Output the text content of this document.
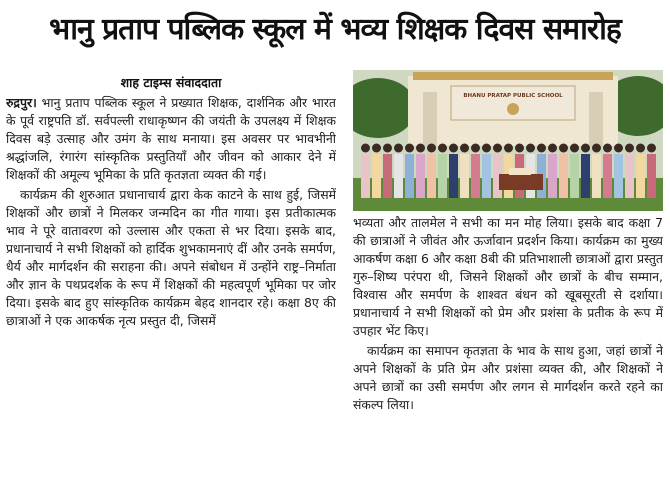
भानु प्रताप पब्लिक स्कूल में भव्य शिक्षक दिवस समारोह
शाह टाइम्स संवाददाता

रुद्रपुर। भानु प्रताप पब्लिक स्कूल ने प्रख्यात शिक्षक, दार्शनिक और भारत के पूर्व राष्ट्रपति डॉ. सर्वपल्ली राधाकृष्णन की जयंती के उपलक्ष्य में शिक्षक दिवस बड़े उत्साह और उमंग के साथ मनाया। इस अवसर पर भावभीनी श्रद्धांजलि, रंगारंग सांस्कृतिक प्रस्तुतियाँ और जीवन को आकार देने में शिक्षकों की अमूल्य भूमिका के प्रति कृतज्ञता व्यक्त की गई।

कार्यक्रम की शुरुआत प्रधानाचार्य द्वारा केक काटने के साथ हुई, जिसमें शिक्षकों और छात्रों ने मिलकर जन्मदिन का गीत गाया। इस प्रतीकात्मक भाव ने पूरे वातावरण को उल्लास और एकता से भर दिया। इसके बाद, प्रधानाचार्य ने सभी शिक्षकों को हार्दिक शुभकामनाएं दीं और उनके समर्पण, धैर्य और मार्गदर्शन की सराहना की। अपने संबोधन में उन्होंने राष्ट्र–निर्माता और ज्ञान के पथप्रदर्शक के रूप में शिक्षकों की महत्वपूर्ण भूमिका पर जोर दिया। इसके बाद हुए सांस्कृतिक कार्यक्रम बेहद शानदार रहे। कक्षा 8ए की छात्राओं ने एक आकर्षक नृत्य प्रस्तुत दी, जिसमें

BHANU PRATAP PUBLIC SCHOOL

भव्यता और तालमेल ने सभी का मन मोह लिया। इसके बाद कक्षा 7 की छात्राओं ने जीवंत और ऊर्जावान प्रदर्शन किया। कार्यक्रम का मुख्य आकर्षण कक्षा 6 और कक्षा 8बी की प्रतिभाशाली छात्राओं द्वारा प्रस्तुत गुरु–शिष्य परंपरा थी, जिसने शिक्षकों और छात्रों के बीच सम्मान, विश्वास और समर्पण के शाश्वत बंधन को खूबसूरती से दर्शाया। प्रधानाचार्य ने सभी शिक्षकों को प्रेम और प्रशंसा के प्रतीक के रूप में उपहार भेंट किए।

कार्यक्रम का समापन कृतज्ञता के भाव के साथ हुआ, जहां छात्रों ने अपने शिक्षकों के प्रति प्रेम और प्रशंसा व्यक्त की, और शिक्षकों ने अपने छात्रों का उसी समर्पण और लगन से मार्गदर्शन करते रहने का संकल्प लिया।
